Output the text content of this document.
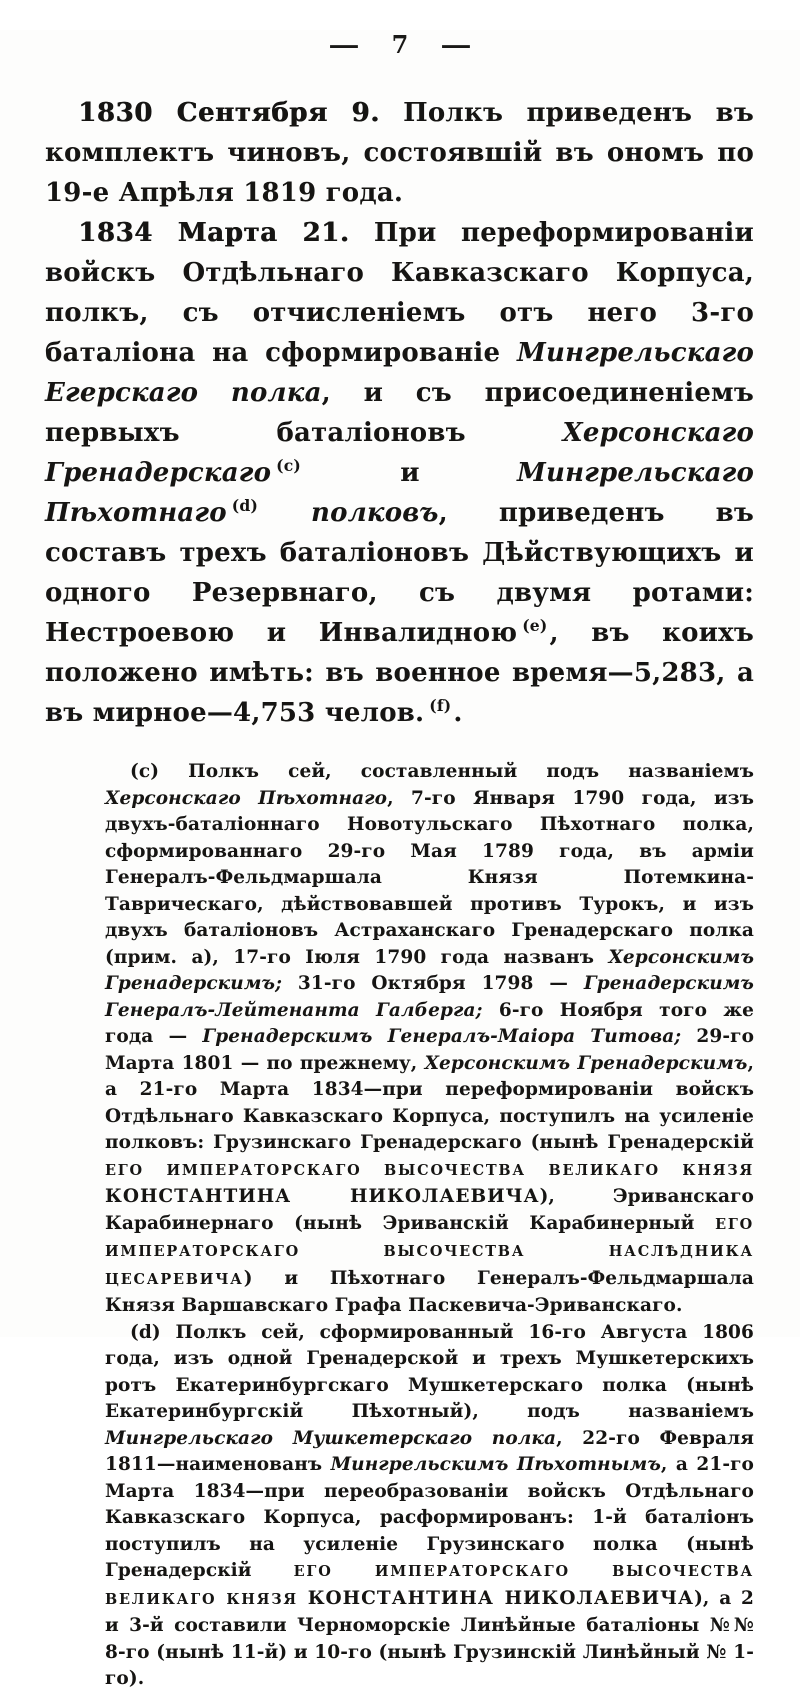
— 7 —

1830 Сентября 9. Полкъ приведенъ въ комплектъ чиновъ, состоявшій въ ономъ по 19-е Апрѣля 1819 года.

1834 Марта 21. При переформированіи войскъ Отдѣльнаго Кавказскаго Корпуса, полкъ, съ отчисленіемъ отъ него 3-го баталіона на сформированіе Мингрельскаго Егерскаго полка, и съ присоединеніемъ первыхъ баталіоновъ Херсонскаго Гренадерскаго $^{(c)}$ и Мингрельскаго Пѣхотнаго $^{(d)}$ полковъ, приведенъ въ составъ трехъ баталіоновъ Дѣйствующихъ и одного Резервнаго, съ двумя ротами: Нестроевою и Инвалидною $^{(e)}$, въ коихъ положено имѣть: въ военное время—5,283, а въ мирное—4,753 челов. $^{(f)}$.

(c) Полкъ сей, составленный подъ названіемъ Херсонскаго Пѣхотнаго, 7-го Января 1790 года, изъ двухъ-баталіоннаго Новотульскаго Пѣхотнаго полка, сформированнаго 29-го Мая 1789 года, въ арміи Генералъ-Фельдмаршала Князя Потемкина-Таврическаго, дѣйствовавшей противъ Турокъ, и изъ двухъ баталіоновъ Астраханскаго Гренадерскаго полка (прим. а), 17-го Іюля 1790 года названъ Херсонскимъ Гренадерскимъ; 31-го Октября 1798 — Гренадерскимъ Генералъ-Лейтенанта Галберга; 6-го Ноября того же года — Гренадерскимъ Генералъ-Маіора Титова; 29-го Марта 1801 — по прежнему, Херсонскимъ Гренадерскимъ, а 21-го Марта 1834—при переформированіи войскъ Отдѣльнаго Кавказскаго Корпуса, поступилъ на усиленіе полковъ: Грузинскаго Гренадерскаго (нынѣ Гренадерскій ЕГО ИМПЕРАТОРСКАГО ВЫСОЧЕСТВА ВЕЛИКАГО КНЯЗЯ КОНСТАНТИНА НИКОЛАЕВИЧА), Эриванскаго Карабинернаго (нынѣ Эриванскій Карабинерный ЕГО ИМПЕРАТОРСКАГО ВЫСОЧЕСТВА НАСЛѢДНИКА ЦЕСАРЕВИЧА) и Пѣхотнаго Генералъ-Фельдмаршала Князя Варшавскаго Графа Паскевича-Эриванскаго.

(d) Полкъ сей, сформированный 16-го Августа 1806 года, изъ одной Гренадерской и трехъ Мушкетерскихъ ротъ Екатеринбургскаго Мушкетерскаго полка (нынѣ Екатеринбургскій Пѣхотный), подъ названіемъ Мингрельскаго Мушкетерскаго полка, 22-го Февраля 1811—наименованъ Мингрельскимъ Пѣхотнымъ, а 21-го Марта 1834—при переобразованіи войскъ Отдѣльнаго Кавказскаго Корпуса, расформированъ: 1-й баталіонъ поступилъ на усиленіе Грузинскаго полка (нынѣ Гренадерскій ЕГО ИМПЕРАТОРСКАГО ВЫСОЧЕСТВА ВЕЛИКАГО КНЯЗЯ КОНСТАНТИНА НИКОЛАЕВИЧА), а 2 и 3-й составили Черноморскіе Линѣйные баталіоны №№ 8-го (нынѣ 11-й) и 10-го (нынѣ Грузинскій Линѣйный № 1-го).
